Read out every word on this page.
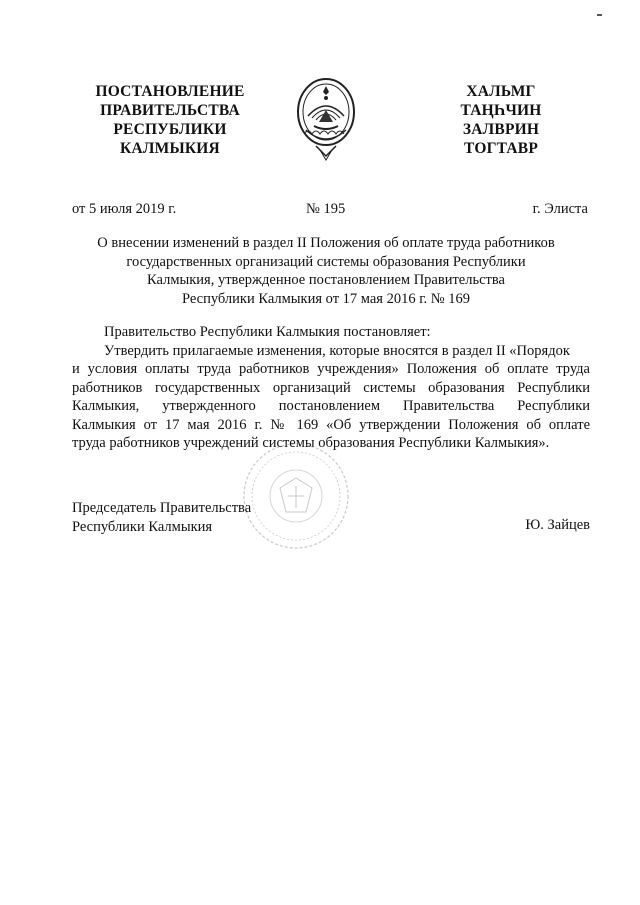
ПОСТАНОВЛЕНИЕ
ПРАВИТЕЛЬСТВА
РЕСПУБЛИКИ
КАЛМЫКИЯ
ХАЛЬМГ
ТАҢҺЧИН
ЗАЛВРИН
ТОГТАВР
от 5 июля 2019 г.	№ 195	г. Элиста
О внесении изменений в раздел II Положения об оплате труда работников
государственных организаций системы образования Республики
Калмыкия, утвержденное постановлением Правительства
Республики Калмыкия от 17 мая 2016 г. № 169
Правительство Республики Калмыкия постановляет:
Утвердить прилагаемые изменения, которые вносятся в раздел II «Порядок
и условия оплаты труда работников учреждения» Положения об оплате труда
работников государственных организаций системы образования Республики
Калмыкия, утвержденного постановлением Правительства Республики
Калмыкия от 17 мая 2016 г. № 169 «Об утверждении Положения об оплате
труда работников учреждений системы образования Республики Калмыкия».
Председатель Правительства
Республики Калмыкия	Ю. Зайцев
